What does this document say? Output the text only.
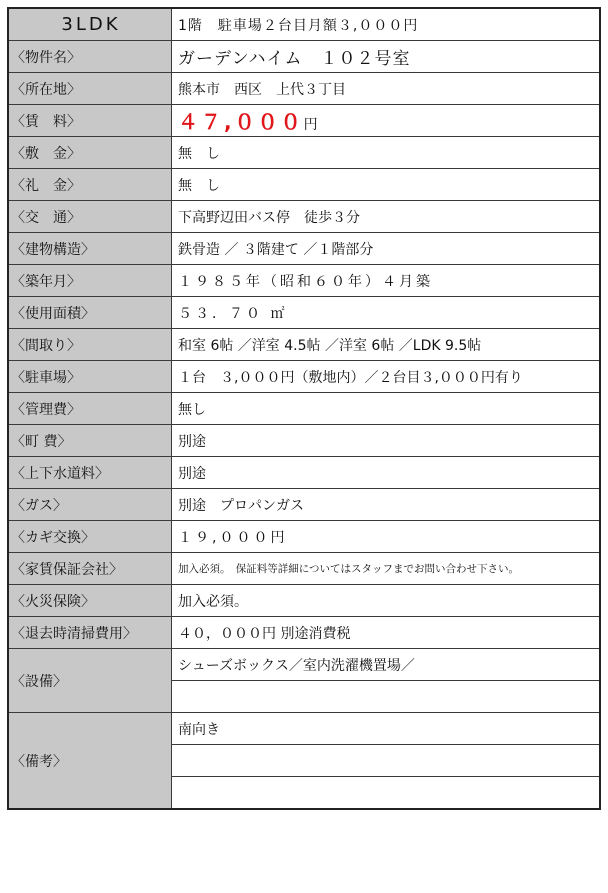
3LDK	1階　駐車場２台目月額３,０００円
〈物件名〉	ガーデンハイム　１０２号室
〈所在地〉	熊本市　西区　上代３丁目
〈賃　料〉	４７,０００円
〈敷　金〉	無　し
〈礼　金〉	無　し
〈交　通〉	下高野辺田バス停　徒歩３分
〈建物構造〉	鉄骨造 ／ ３階建て ／１階部分
〈築年月〉	１９８５年（昭和６０年）４月築
〈使用面積〉	５３．７０ ㎡
〈間取り〉	和室 6帖 ／洋室 4.5帖 ／洋室 6帖 ／LDK 9.5帖
〈駐車場〉	１台　３,０００円（敷地内）／２台目３,０００円有り
〈管理費〉	無し
〈町 費〉	別途
〈上下水道料〉	別途
〈ガス〉	別途　プロパンガス
〈カギ交換〉	１９,０００円
〈家賃保証会社〉	加入必須。　保証料等詳細についてはスタッフまでお問い合わせ下さい。
〈火災保険〉	加入必須。
〈退去時清掃費用〉	４０，０００円 別途消費税
〈設備〉	シューズボックス／室内洗濯機置場／

〈備考〉	南向き
